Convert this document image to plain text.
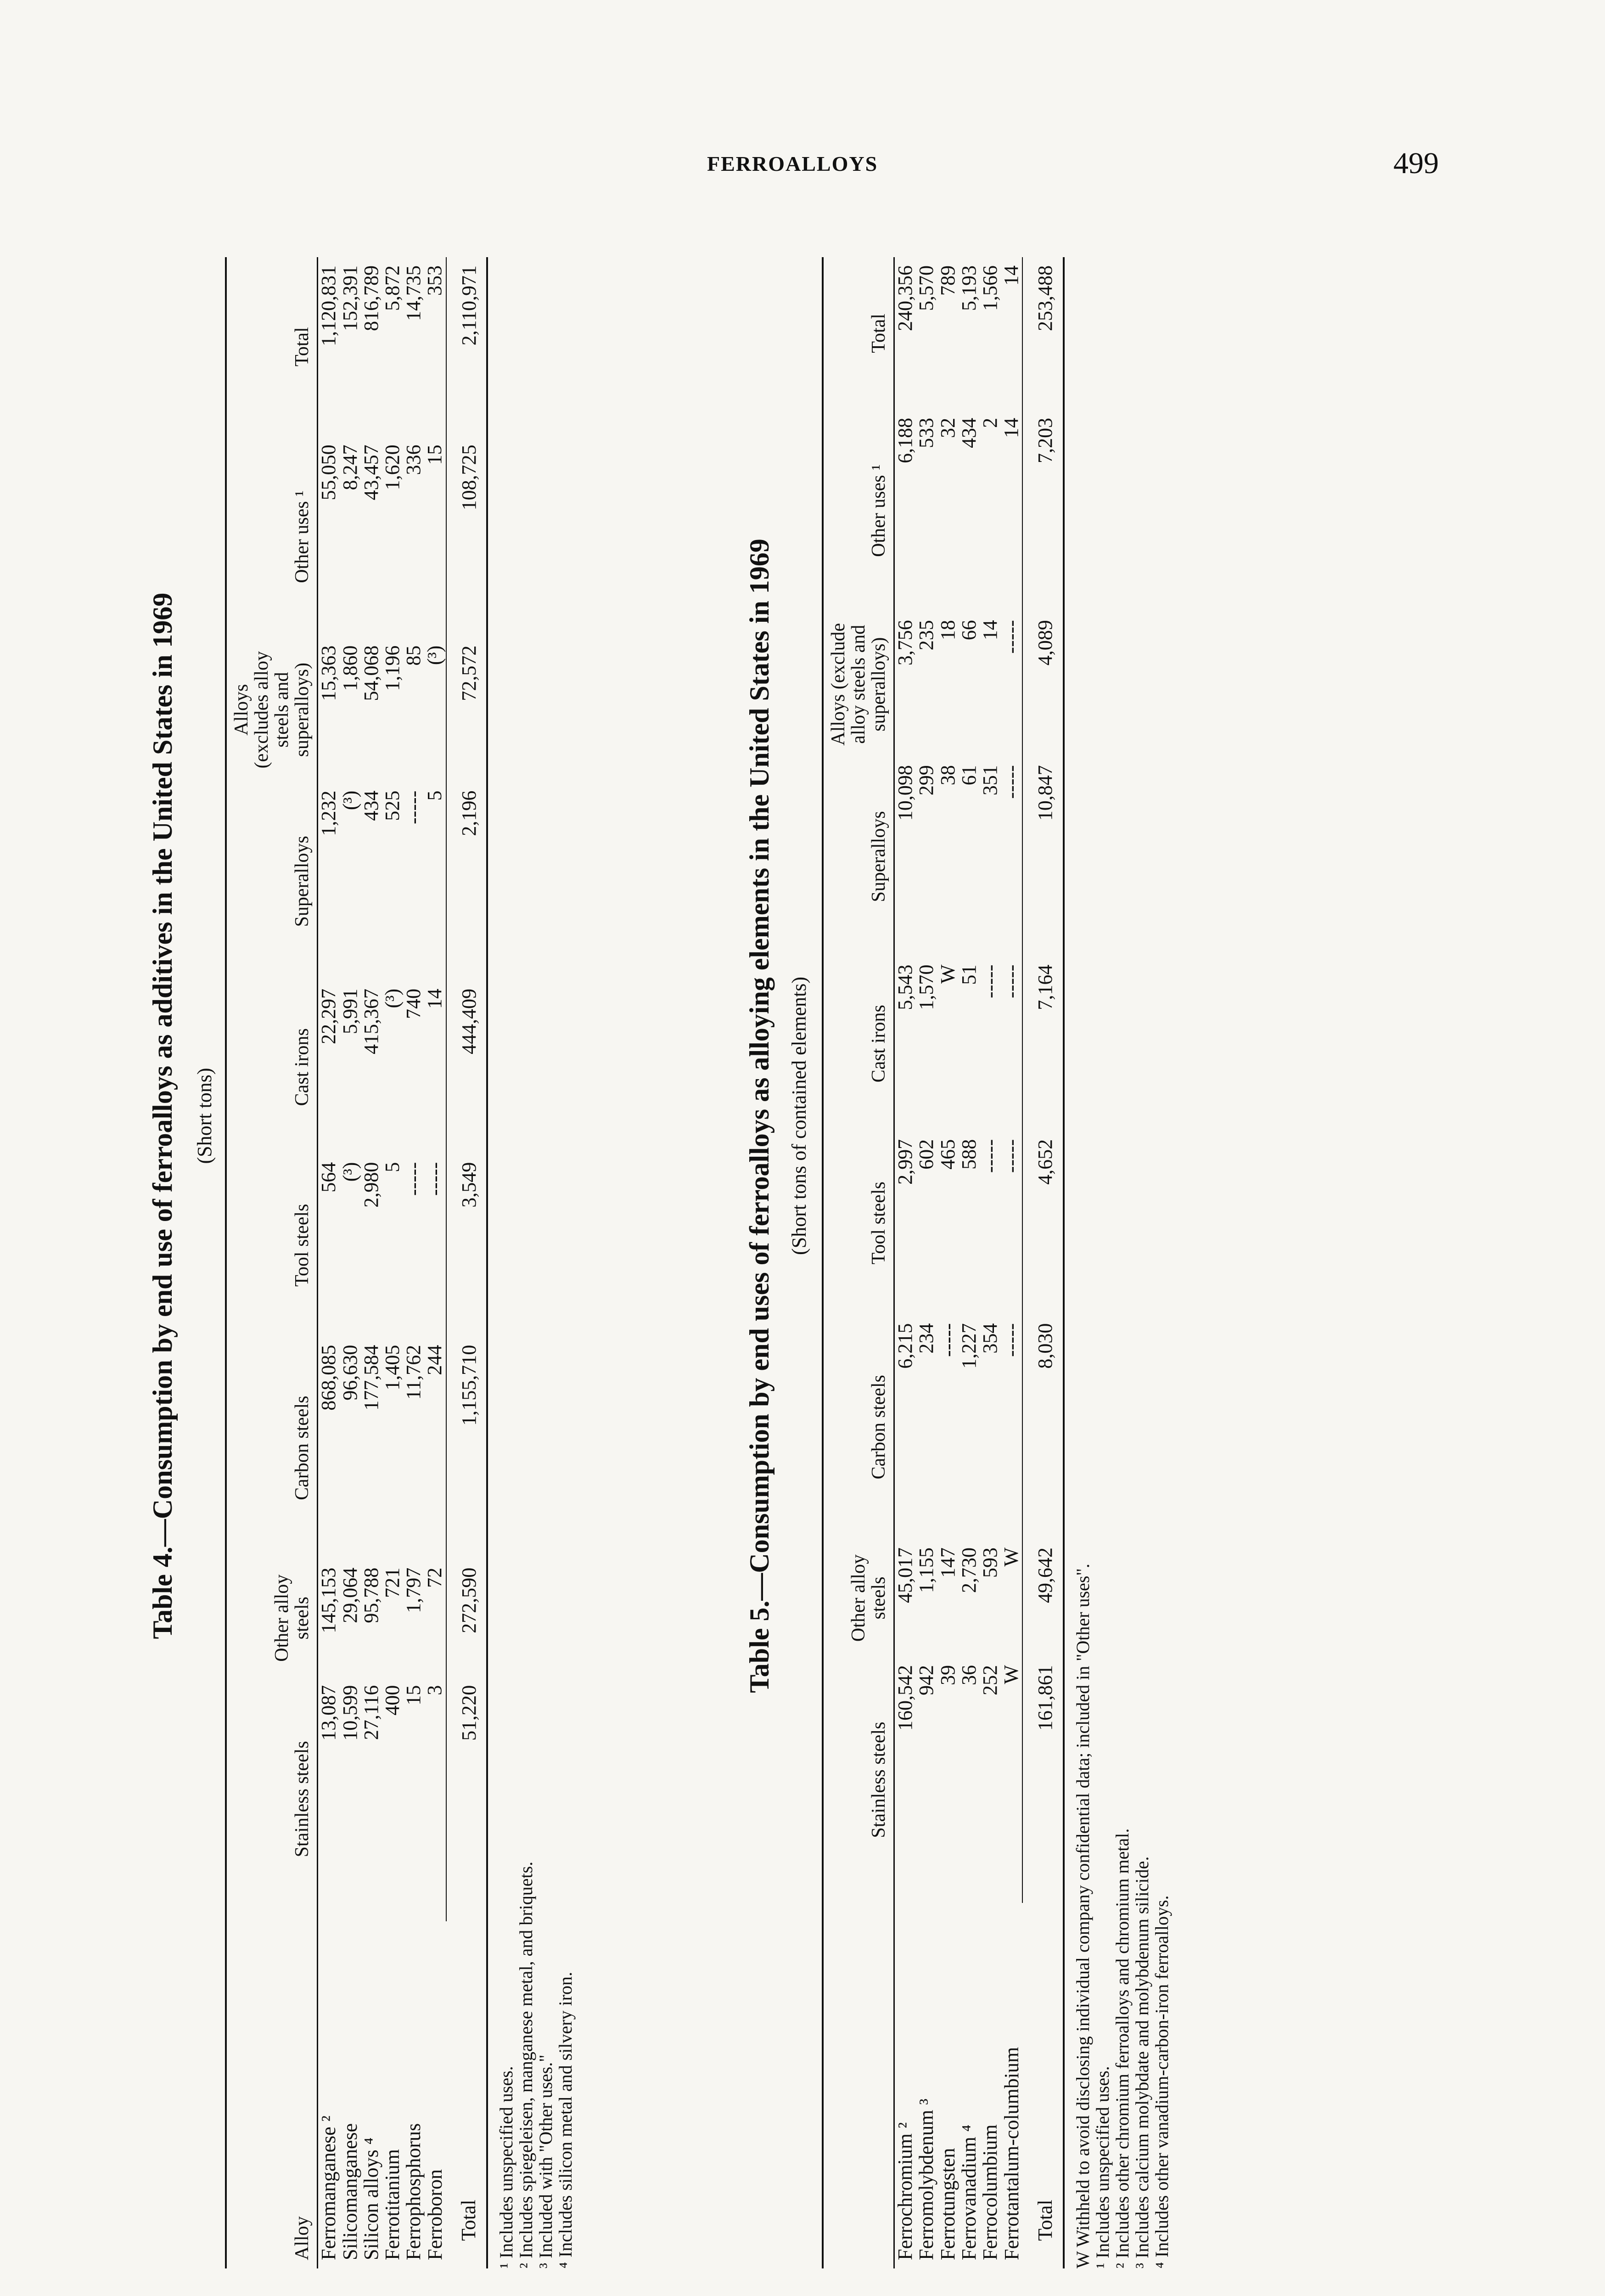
FERROALLOYS	499
Table 4.—Consumption by end use of ferroalloys as additives in the United States in 1969 (Short tons)
Alloy	Stainless steels	Other alloy steels	Carbon steels	Tool steels	Cast irons	Superalloys	Alloys (excludes alloy steels and superalloys)	Other uses ¹	Total
Ferromanganese ²	13,087	145,153	868,085	564	22,297	1,232	15,363	55,050	1,120,831
Silicomanganese	10,599	29,064	96,630	(³)	5,991	(³)	1,860	8,247	152,391
Silicon alloys ⁴	27,116	95,788	177,584	2,980	415,367	434	54,068	43,457	816,789
Ferrotitanium	400	721	1,405	5	(³)	525	1,196	1,620	5,872
Ferrophosphorus	15	1,797	11,762	-----	740	-----	85	336	14,735
Ferroboron	3	72	244	-----	14	5	(³)	15	353
Total	51,220	272,590	1,155,710	3,549	444,409	2,196	72,572	108,725	2,110,971
¹ Includes unspecified uses.
² Includes spiegeleisen, manganese metal, and briquets.
³ Included with "Other uses."
⁴ Includes silicon metal and silvery iron.
Table 5.—Consumption by end uses of ferroalloys as alloying elements in the United States in 1969 (Short tons of contained elements)
	Stainless steels	Other alloy steels	Carbon steels	Tool steels	Cast irons	Superalloys	Alloys (exclude alloy steels and superalloys)	Other uses ¹	Total
Ferrochromium ²	160,542	45,017	6,215	2,997	5,543	10,098	3,756	6,188	240,356
Ferromolybdenum ³	942	1,155	234	602	1,570	299	235	533	5,570
Ferrotungsten	39	147	-----	465	W	38	18	32	789
Ferrovanadium ⁴	36	2,730	1,227	588	51	61	66	434	5,193
Ferrocolumbium	252	593	354	-----	-----	351	14	2	1,566
Ferrotantalum-columbium	W	W	-----	-----	-----	-----	-----	14	14
Total	161,861	49,642	8,030	4,652	7,164	10,847	4,089	7,203	253,488
W Withheld to avoid disclosing individual company confidential data; included in "Other uses".
¹ Includes unspecified uses.
² Includes other chromium ferroalloys and chromium metal.
³ Includes calcium molybdate and molybdenum silicide.
⁴ Includes other vanadium-carbon-iron ferroalloys.
